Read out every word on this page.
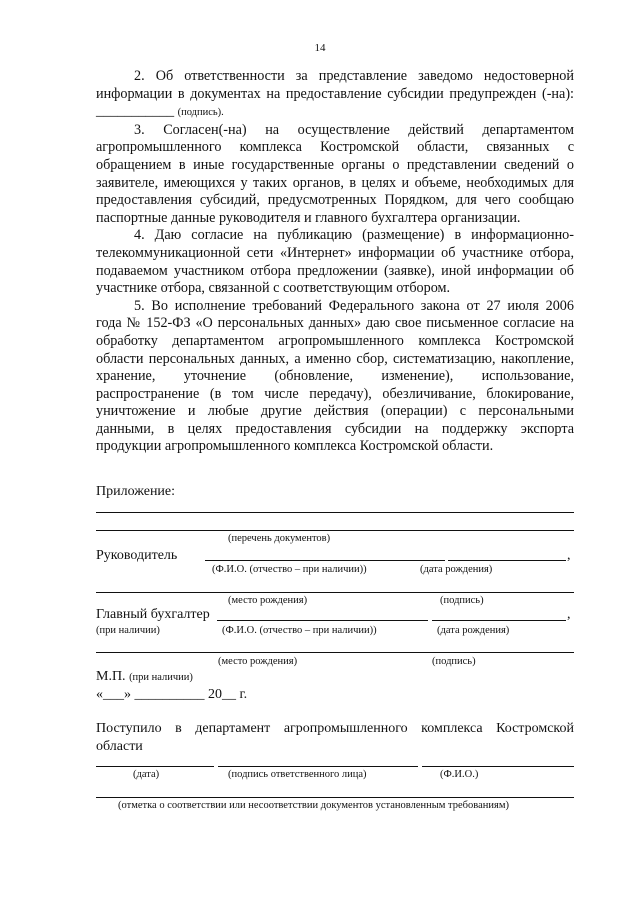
14

2. Об ответственности за представление заведомо недостоверной информации в документах на предоставление субсидии предупрежден (-на): ___________ (подпись).

3. Согласен(-на) на осуществление действий департаментом агропромышленного комплекса Костромской области, связанных с обращением в иные государственные органы о представлении сведений о заявителе, имеющихся у таких органов, в целях и объеме, необходимых для предоставления субсидий, предусмотренных Порядком, для чего сообщаю паспортные данные руководителя и главного бухгалтера организации.

4. Даю согласие на публикацию (размещение) в информационно-телекоммуникационной сети «Интернет» информации об участнике отбора, подаваемом участником отбора предложении (заявке), иной информации об участнике отбора, связанной с соответствующим отбором.

5. Во исполнение требований Федерального закона от 27 июля 2006 года № 152-ФЗ «О персональных данных» даю свое письменное согласие на обработку департаментом агропромышленного комплекса Костромской области персональных данных, а именно сбор, систематизацию, накопление, хранение, уточнение (обновление, изменение), использование, распространение (в том числе передачу), обезличивание, блокирование, уничтожение и любые другие действия (операции) с персональными данными, в целях предоставления субсидии на поддержку экспорта продукции агропромышленного комплекса Костромской области.

Приложение:
(перечень документов)
Руководитель	,
(Ф.И.О. (отчество – при наличии))	(дата рождения)
(место рождения)	(подпись)
Главный бухгалтер	,
(при наличии)	(Ф.И.О. (отчество – при наличии))	(дата рождения)
(место рождения)	(подпись)
М.П. (при наличии)
«___» __________ 20__ г.
Поступило в департамент агропромышленного комплекса Костромской области
(дата)	(подпись ответственного лица)	(Ф.И.О.)
(отметка о соответствии или несоответствии документов установленным требованиям)
